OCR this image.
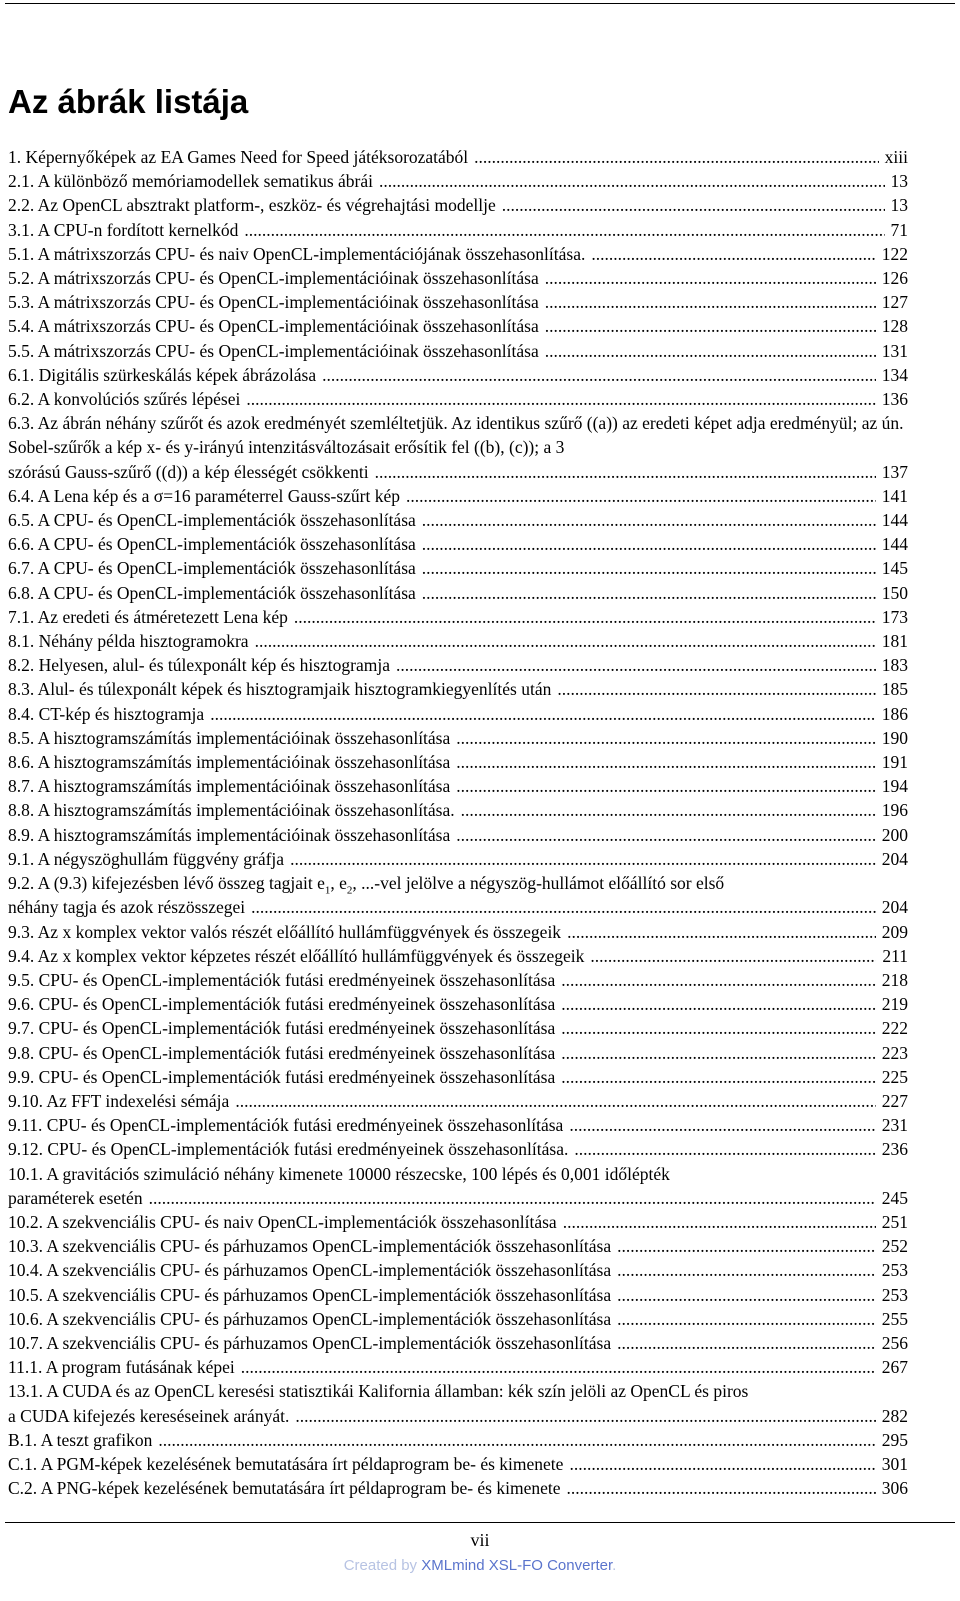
Az ábrák listája
1. Képernyőképek az EA Games Need for Speed játéksorozatából .....	xiii
2.1. A különböző memóriamodellek sematikus ábrái .....	13
2.2. Az OpenCL absztrakt platform-, eszköz- és végrehajtási modellje .....	13
3.1. A CPU-n fordított kernelkód .....	71
5.1. A mátrixszorzás CPU- és naiv OpenCL-implementációjának összehasonlítása. .....	122
5.2. A mátrixszorzás CPU- és OpenCL-implementációinak összehasonlítása .....	126
5.3. A mátrixszorzás CPU- és OpenCL-implementációinak összehasonlítása .....	127
5.4. A mátrixszorzás CPU- és OpenCL-implementációinak összehasonlítása .....	128
5.5. A mátrixszorzás CPU- és OpenCL-implementációinak összehasonlítása .....	131
6.1. Digitális szürkeskálás képek ábrázolása .....	134
6.2. A konvolúciós szűrés lépései .....	136
6.3. Az ábrán néhány szűrőt és azok eredményét szemléltetjük. Az identikus szűrő ((a)) az eredeti képet adja eredményül; az ún. Sobel-szűrők a kép x- és y-irányú intenzitásváltozásait erősítik fel ((b), (c)); a 3
szórású Gauss-szűrő ((d)) a kép élességét csökkenti .....	137
6.4. A Lena kép és a σ=16 paraméterrel Gauss-szűrt kép .....	141
6.5. A CPU- és OpenCL-implementációk összehasonlítása .....	144
6.6. A CPU- és OpenCL-implementációk összehasonlítása .....	144
6.7. A CPU- és OpenCL-implementációk összehasonlítása .....	145
6.8. A CPU- és OpenCL-implementációk összehasonlítása .....	150
7.1. Az eredeti és átméretezett Lena kép .....	173
8.1. Néhány példa hisztogramokra .....	181
8.2. Helyesen, alul- és túlexponált kép és hisztogramja .....	183
8.3. Alul- és túlexponált képek és hisztogramjaik hisztogramkiegyenlítés után .....	185
8.4. CT-kép és hisztogramja .....	186
8.5. A hisztogramszámítás implementációinak összehasonlítása .....	190
8.6. A hisztogramszámítás implementációinak összehasonlítása .....	191
8.7. A hisztogramszámítás implementációinak összehasonlítása .....	194
8.8. A hisztogramszámítás implementációinak összehasonlítása. .....	196
8.9. A hisztogramszámítás implementációinak összehasonlítása .....	200
9.1. A négyszöghullám függvény gráfja .....	204
9.2. A (9.3) kifejezésben lévő összeg tagjait $e_1$, $e_2$, ...-vel jelölve a négyszög-hullámot előállító sor első
néhány tagja és azok részösszegei .....	204
9.3. Az x komplex vektor valós részét előállító hullámfüggvények és összegeik .....	209
9.4. Az x komplex vektor képzetes részét előállító hullámfüggvények és összegeik .....	211
9.5. CPU- és OpenCL-implementációk futási eredményeinek összehasonlítása .....	218
9.6. CPU- és OpenCL-implementációk futási eredményeinek összehasonlítása .....	219
9.7. CPU- és OpenCL-implementációk futási eredményeinek összehasonlítása .....	222
9.8. CPU- és OpenCL-implementációk futási eredményeinek összehasonlítása .....	223
9.9. CPU- és OpenCL-implementációk futási eredményeinek összehasonlítása .....	225
9.10. Az FFT indexelési sémája .....	227
9.11. CPU- és OpenCL-implementációk futási eredményeinek összehasonlítása .....	231
9.12. CPU- és OpenCL-implementációk futási eredményeinek összehasonlítása. .....	236
10.1. A gravitációs szimuláció néhány kimenete 10000 részecske, 100 lépés és 0,001 időlépték
paraméterek esetén .....	245
10.2. A szekvenciális CPU- és naiv OpenCL-implementációk összehasonlítása .....	251
10.3. A szekvenciális CPU- és párhuzamos OpenCL-implementációk összehasonlítása .....	252
10.4. A szekvenciális CPU- és párhuzamos OpenCL-implementációk összehasonlítása .....	253
10.5. A szekvenciális CPU- és párhuzamos OpenCL-implementációk összehasonlítása .....	253
10.6. A szekvenciális CPU- és párhuzamos OpenCL-implementációk összehasonlítása .....	255
10.7. A szekvenciális CPU- és párhuzamos OpenCL-implementációk összehasonlítása .....	256
11.1. A program futásának képei .....	267
13.1. A CUDA és az OpenCL keresési statisztikái Kalifornia államban: kék szín jelöli az OpenCL és piros
a CUDA kifejezés kereséseinek arányát. .....	282
B.1. A teszt grafikon .....	295
C.1. A PGM-képek kezelésének bemutatására írt példaprogram be- és kimenete .....	301
C.2. A PNG-képek kezelésének bemutatására írt példaprogram be- és kimenete .....	306
vii
Created by XMLmind XSL-FO Converter.
